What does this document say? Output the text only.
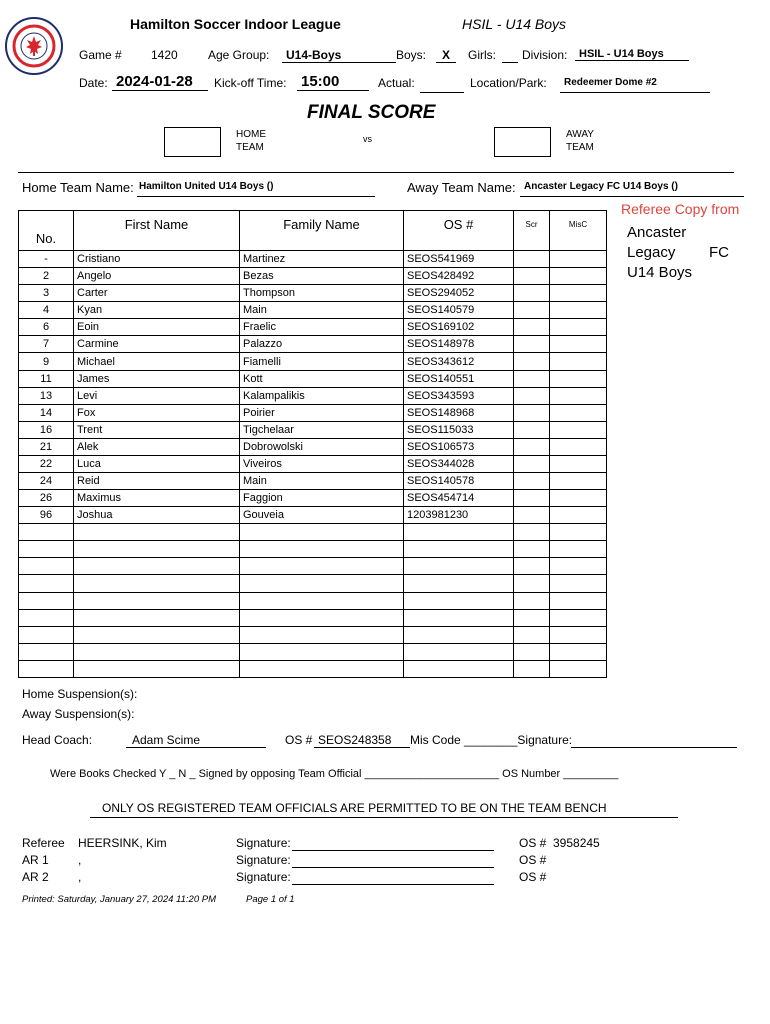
Hamilton Soccer Indoor League	HSIL - U14 Boys
Game # 1420	Age Group:	U14-Boys	Boys:	X	Girls: Division:	HSIL - U14 Boys
Date: 2024-01-28	Kick-off Time: 15:00	Actual:	Location/Park:	Redeemer Dome #2
FINAL SCORE
HOME
TEAM
vs	AWAY
TEAM
Home Team Name: Hamilton United U14 Boys ()	Away Team Name: Ancaster Legacy FC U14 Boys ()
Referee Copy from
Ancaster
Legacy FC
U14 Boys
No.	First Name	Family Name	OS #	Scr	MisC
-	Cristiano	Martinez	SEOS541969		
2	Angelo	Bezas	SEOS428492		
3	Carter	Thompson	SEOS294052		
4	Kyan	Main	SEOS140579		
6	Eoin	Fraelic	SEOS169102		
7	Carmine	Palazzo	SEOS148978		
9	Michael	Fiamelli	SEOS343612		
11	James	Kott	SEOS140551		
13	Levi	Kalampalikis	SEOS343593		
14	Fox	Poirier	SEOS148968		
16	Trent	Tigchelaar	SEOS115033		
21	Alek	Dobrowolski	SEOS106573		
22	Luca	Viveiros	SEOS344028		
24	Reid	Main	SEOS140578		
26	Maximus	Faggion	SEOS454714		
96	Joshua	Gouveia	1203981230		

Home Suspension(s):
Away Suspension(s):
Head Coach:	Adam Scime	OS # SEOS248358	Mis Code ________Signature:
Were Books Checked Y _ N _ Signed by opposing Team Official ______________________ OS Number _________
ONLY OS REGISTERED TEAM OFFICIALS ARE PERMITTED TO BE ON THE TEAM BENCH
Referee HEERSINK, Kim	Signature:	OS # 3958245
AR 1 ,	Signature:	OS #
AR 2 ,	Signature:	OS #
Printed: Saturday, January 27, 2024 11:20 PM	Page 1 of 1
